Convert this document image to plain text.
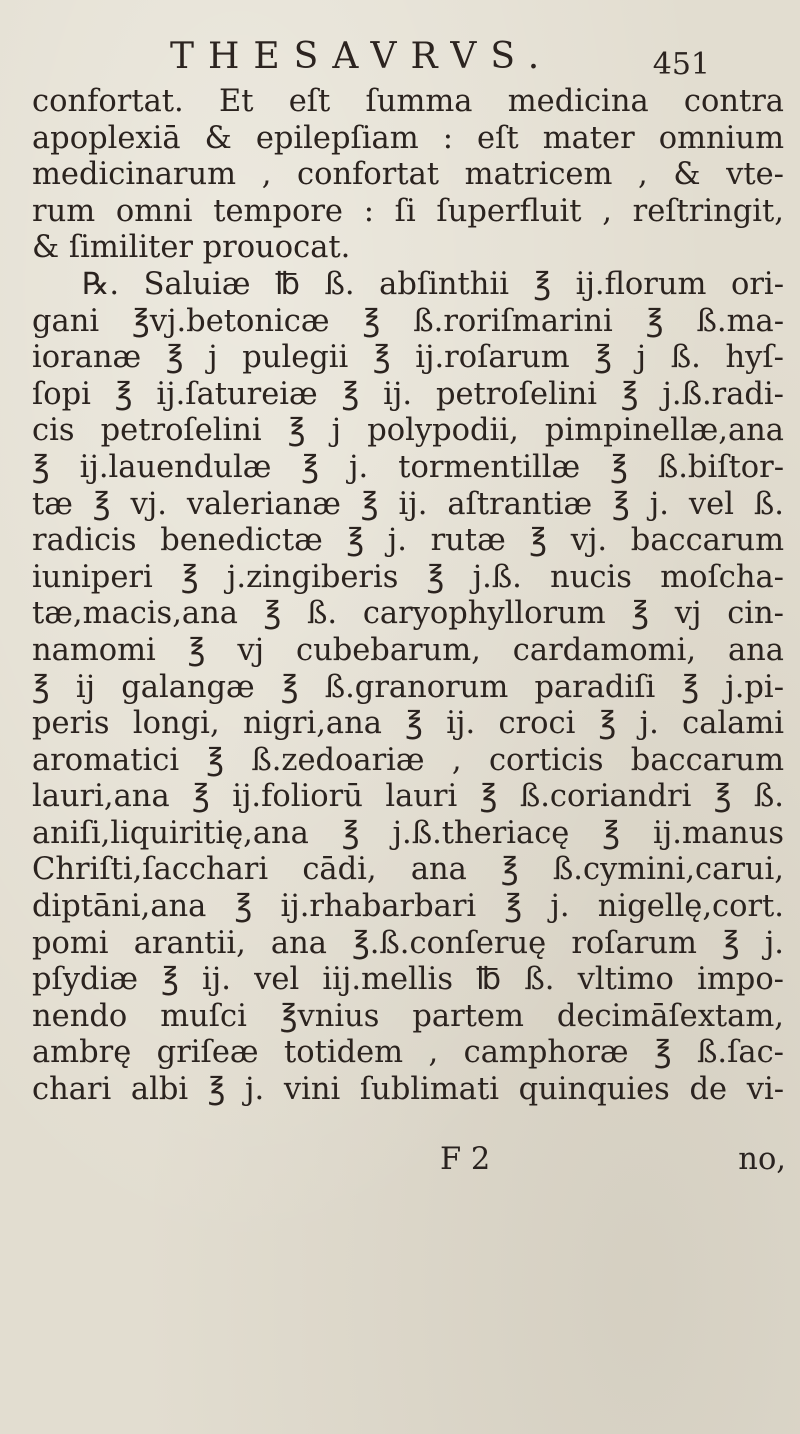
THESAVRVS.	451
confortat. Et eſt ſumma medicina contra
apoplexiā & epilepſiam : eſt mater omnium
medicinarum , confortat matricem , & vte-
rum omni tempore : ſi ſuperfluit , reſtringit,
& ſimiliter prouocat.
℞. Saluiæ ℔ ß. abſinthii ℥ ij.florum ori-
gani ℥vj.betonicæ ℥ ß.roriſmarini ℥ ß.ma-
ioranæ ℥ j pulegii ℥ ij.roſarum ℥ j ß. hyſ-
ſopi ℥ ij.ſatureiæ ℥ ij. petroſelini ℥ j.ß.radi-
cis petroſelini ℥ j polypodii, pimpinellæ,ana
℥ ij.lauendulæ ℥ j. tormentillæ ℥ ß.biſtor-
tæ ℥ vj. valerianæ ℥ ij. aſtrantiæ ℥ j. vel ß.
radicis benedictæ ℥ j. rutæ ℥ vj. baccarum
iuniperi ℥ j.zingiberis ℥ j.ß. nucis moſcha-
tæ,macis,ana ℥ ß. caryophyllorum ℥ vj cin-
namomi ℥ vj cubebarum, cardamomi, ana
℥ ij galangæ ℥ ß.granorum paradiſi ℥ j.pi-
peris longi, nigri,ana ℥ ij. croci ℥ j. calami
aromatici ℥ ß.zedoariæ , corticis baccarum
lauri,ana ℥ ij.foliorū lauri ℥ ß.coriandri ℥ ß.
aniſi,liquiritię,ana ℥ j.ß.theriacę ℥ ij.manus
Chriſti,ſacchari cādi, ana ℥ ß.cymini,carui,
diptāni,ana ℥ ij.rhabarbari ℥ j. nigellę,cort.
pomi arantii, ana ℥.ß.conſeruę roſarum ℥ j.
pſydiæ ℥ ij. vel iij.mellis ℔ ß. vltimo impo-
nendo muſci ℥vnius partem decimāſextam,
ambrę griſeæ totidem , camphoræ ℥ ß.ſac-
chari albi ℥ j. vini ſublimati quinquies de vi-
F 2	no,
